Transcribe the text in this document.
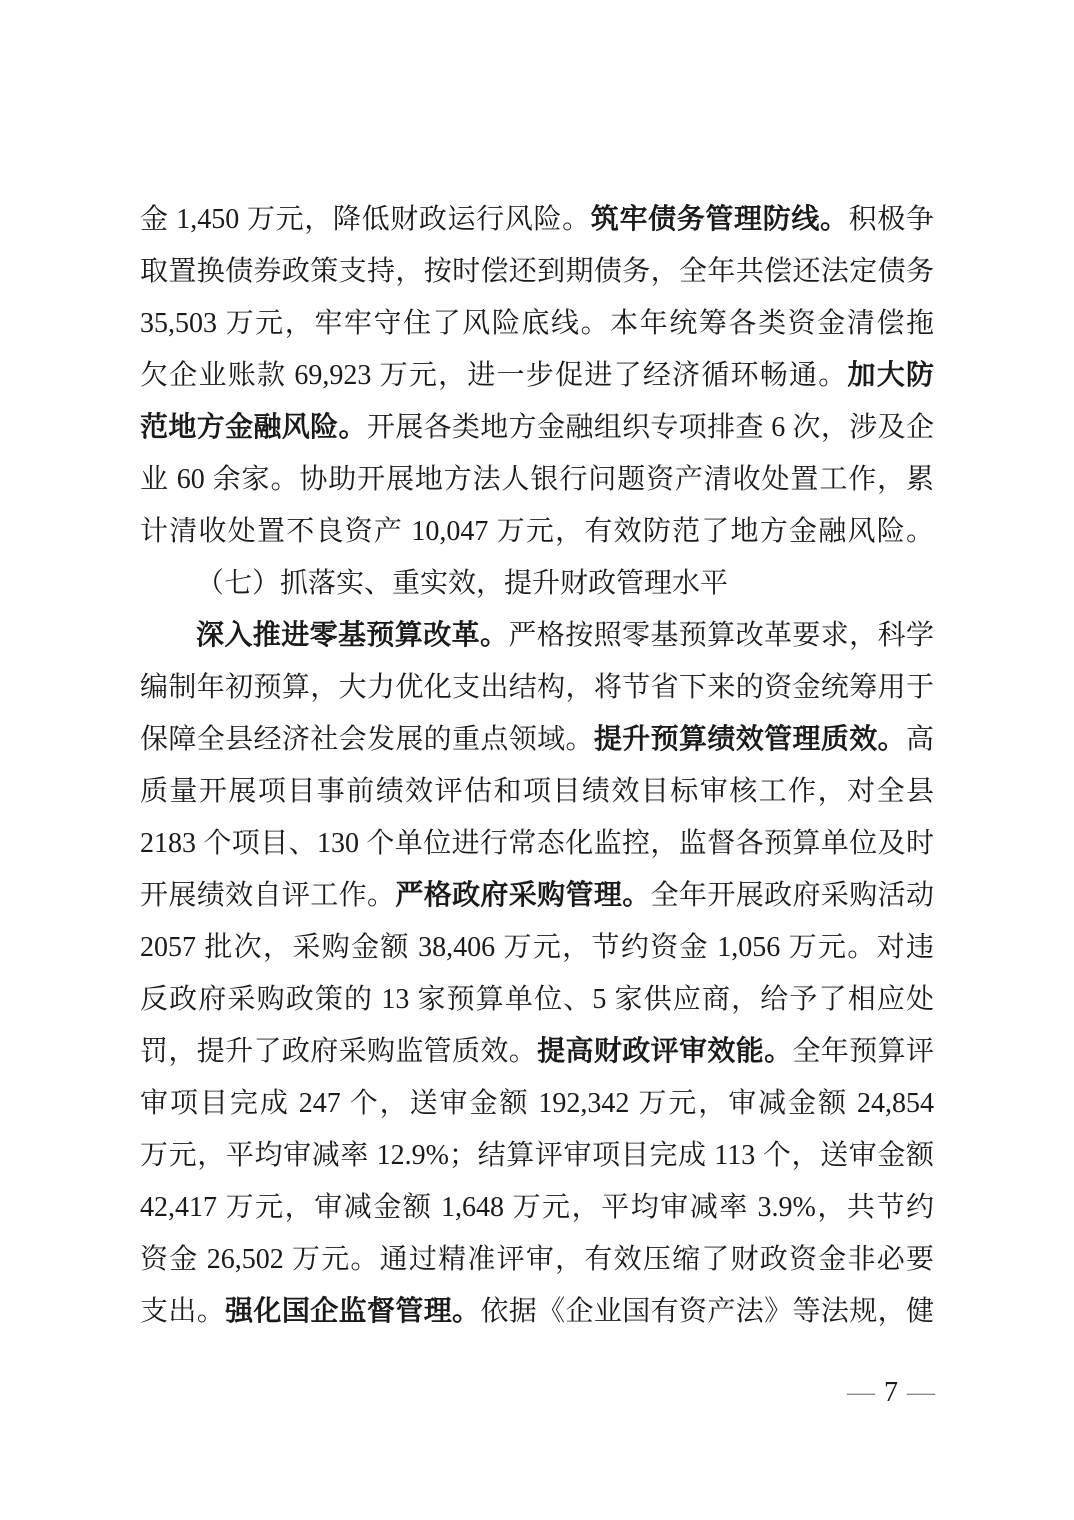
金 1,450 万元，降低财政运行风险。筑牢债务管理防线。积极争
取置换债券政策支持，按时偿还到期债务，全年共偿还法定债务
35,503 万元，牢牢守住了风险底线。本年统筹各类资金清偿拖
欠企业账款 69,923 万元，进一步促进了经济循环畅通。加大防
范地方金融风险。开展各类地方金融组织专项排查 6 次，涉及企
业 60 余家。协助开展地方法人银行问题资产清收处置工作，累
计清收处置不良资产 10,047 万元，有效防范了地方金融风险。
（七）抓落实、重实效，提升财政管理水平
深入推进零基预算改革。严格按照零基预算改革要求，科学
编制年初预算，大力优化支出结构，将节省下来的资金统筹用于
保障全县经济社会发展的重点领域。提升预算绩效管理质效。高
质量开展项目事前绩效评估和项目绩效目标审核工作，对全县
2183 个项目、130 个单位进行常态化监控，监督各预算单位及时
开展绩效自评工作。严格政府采购管理。全年开展政府采购活动
2057 批次，采购金额 38,406 万元，节约资金 1,056 万元。对违
反政府采购政策的 13 家预算单位、5 家供应商，给予了相应处
罚，提升了政府采购监管质效。提高财政评审效能。全年预算评
审项目完成 247 个，送审金额 192,342 万元，审减金额 24,854
万元，平均审减率 12.9%；结算评审项目完成 113 个，送审金额
42,417 万元，审减金额 1,648 万元，平均审减率 3.9%，共节约
资金 26,502 万元。通过精准评审，有效压缩了财政资金非必要
支出。强化国企监督管理。依据《企业国有资产法》等法规，健
— 7 —
